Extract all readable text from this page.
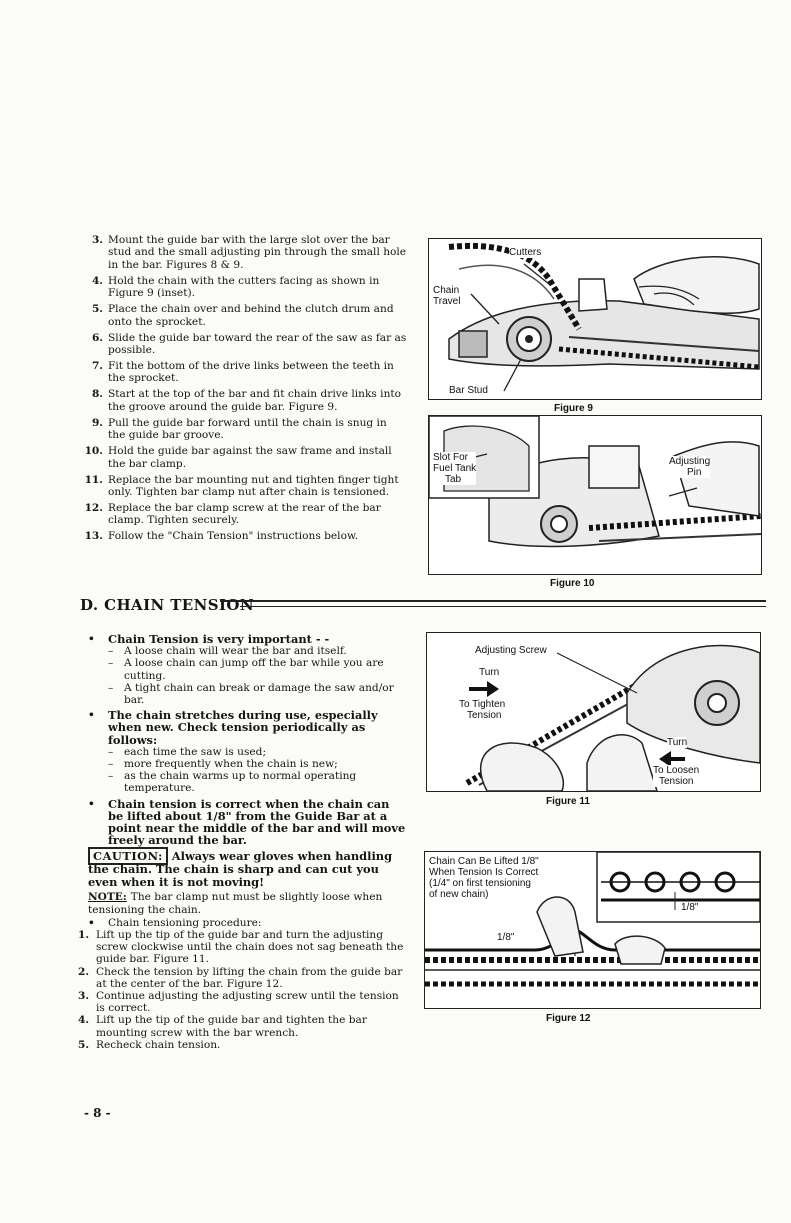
3. Mount the guide bar with the large slot over the bar stud and the small adjusting pin through the small hole in the bar. Figures 8 & 9.
4. Hold the chain with the cutters facing as shown in Figure 9 (inset).
5. Place the chain over and behind the clutch drum and onto the sprocket.
6. Slide the guide bar toward the rear of the saw as far as possible.
7. Fit the bottom of the drive links between the teeth in the sprocket.
8. Start at the top of the bar and fit chain drive links into the groove around the guide bar. Figure 9.
9. Pull the guide bar forward until the chain is snug in the guide bar groove.
10. Hold the guide bar against the saw frame and install the bar clamp.
11. Replace the bar mounting nut and tighten finger tight only. Tighten bar clamp nut after chain is tensioned.
12. Replace the bar clamp screw at the rear of the bar clamp. Tighten securely.
13. Follow the "Chain Tension" instructions below.
D. CHAIN TENSION
•	Chain Tension is very important - -
–	A loose chain will wear the bar and itself.
–	A loose chain can jump off the bar while you are cutting.
–	A tight chain can break or damage the saw and/or bar.
•	The chain stretches during use, especially when new. Check tension periodically as follows:
–	each time the saw is used;
–	more frequently when the chain is new;
–	as the chain warms up to normal operating temperature.
•	Chain tension is correct when the chain can be lifted about 1/8" from the Guide Bar at a point near the middle of the bar and will move freely around the bar.
CAUTION: Always wear gloves when handling the chain. The chain is sharp and can cut you even when it is not moving!
NOTE: The bar clamp nut must be slightly loose when tensioning the chain.
•	Chain tensioning procedure:
1. Lift up the tip of the guide bar and turn the adjusting screw clockwise until the chain does not sag beneath the guide bar. Figure 11.
2. Check the tension by lifting the chain from the guide bar at the center of the bar. Figure 12.
3. Continue adjusting the adjusting screw until the tension is correct.
4. Lift up the tip of the guide bar and tighten the bar mounting screw with the bar wrench.
5. Recheck chain tension.
- 8 -
Cutters
Chain
Travel
Bar Stud
Figure 9
Slot For
Fuel Tank
Tab
Adjusting
Pin
Figure 10
Adjusting Screw
Turn
To Tighten
Tension
Turn
To Loosen
Tension
Figure 11
Chain Can Be Lifted 1/8"
When Tension Is Correct
(1/4" on first tensioning
of new chain)
1/8"
1/8"
Figure 12
